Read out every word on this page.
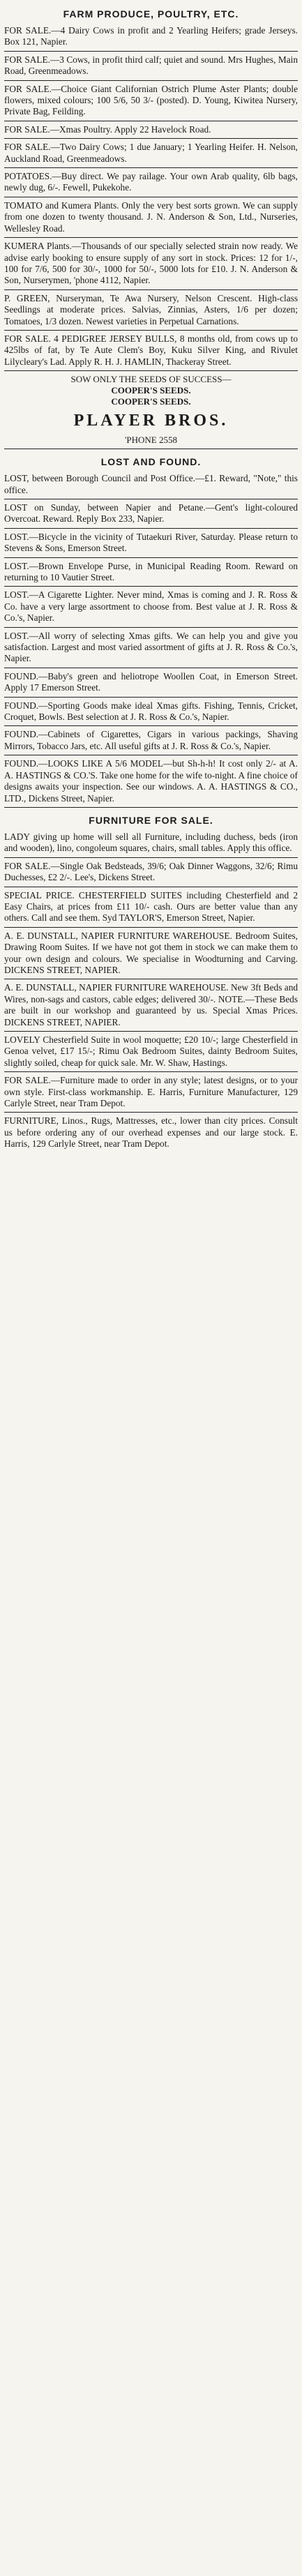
FARM PRODUCE, POULTRY, ETC.

FOR SALE.—4 Dairy Cows in profit and 2 Yearling Heifers; grade Jerseys. Box 121, Napier.

FOR SALE.—3 Cows, in profit third calf; quiet and sound. Mrs Hughes, Main Road, Greenmeadows.

FOR SALE.—Choice Giant Californian Ostrich Plume Aster Plants; double flowers, mixed colours; 100 5/6, 50 3/- (posted). D. Young, Kiwitea Nursery, Private Bag, Feilding.

FOR SALE.—Xmas Poultry. Apply 22 Havelock Road.

FOR SALE.—Two Dairy Cows; 1 due January; 1 Yearling Heifer. H. Nelson, Auckland Road, Greenmeadows.

POTATOES.—Buy direct. We pay railage. Your own Arab quality, 6lb bags, newly dug, 6/-. Fewell, Pukekohe.

TOMATO and Kumera Plants. Only the very best sorts grown. We can supply from one dozen to twenty thousand. J. N. Anderson & Son, Ltd., Nurseries, Wellesley Road.

KUMERA Plants.—Thousands of our specially selected strain now ready. We advise early booking to ensure supply of any sort in stock. Prices: 12 for 1/-, 100 for 7/6, 500 for 30/-, 1000 for 50/-, 5000 lots for £10. J. N. Anderson & Son, Nurserymen, 'phone 4112, Napier.

P. GREEN, Nurseryman, Te Awa Nursery, Nelson Crescent. High-class Seedlings at moderate prices. Salvias, Zinnias, Asters, 1/6 per dozen; Tomatoes, 1/3 dozen. Newest varieties in Perpetual Carnations.

FOR SALE. 4 PEDIGREE JERSEY BULLS, 8 months old, from cows up to 425lbs of fat, by Te Aute Clem's Boy, Kuku Silver King, and Rivulet Lilycleary's Lad. Apply R. H. J. HAMLIN, Thackeray Street.

SOW ONLY THE SEEDS OF SUCCESS—
COOPER'S SEEDS.
COOPER'S SEEDS.
PLAYER BROS.
'PHONE 2558
LOST AND FOUND.

LOST, between Borough Council and Post Office.—£1. Reward, "Note," this office.

LOST on Sunday, between Napier and Petane.—Gent's light-coloured Overcoat. Reward. Reply Box 233, Napier.

LOST.—Bicycle in the vicinity of Tutaekuri River, Saturday. Please return to Stevens & Sons, Emerson Street.

LOST.—Brown Envelope Purse, in Municipal Reading Room. Reward on returning to 10 Vautier Street.

LOST.—A Cigarette Lighter. Never mind, Xmas is coming and J. R. Ross & Co. have a very large assortment to choose from. Best value at J. R. Ross & Co.'s, Napier.

LOST.—All worry of selecting Xmas gifts. We can help you and give you satisfaction. Largest and most varied assortment of gifts at J. R. Ross & Co.'s, Napier.

FOUND.—Baby's green and heliotrope Woollen Coat, in Emerson Street. Apply 17 Emerson Street.

FOUND.—Sporting Goods make ideal Xmas gifts. Fishing, Tennis, Cricket, Croquet, Bowls. Best selection at J. R. Ross & Co.'s, Napier.

FOUND.—Cabinets of Cigarettes, Cigars in various packings, Shaving Mirrors, Tobacco Jars, etc. All useful gifts at J. R. Ross & Co.'s, Napier.

FOUND.—LOOKS LIKE A 5/6 MODEL—but Sh-h-h! It cost only 2/- at A. A. HASTINGS & CO.'S. Take one home for the wife to-night. A fine choice of designs awaits your inspection. See our windows. A. A. HASTINGS & CO., LTD., Dickens Street, Napier.

FURNITURE FOR SALE.

LADY giving up home will sell all Furniture, including duchess, beds (iron and wooden), lino, congoleum squares, chairs, small tables. Apply this office.

FOR SALE.—Single Oak Bedsteads, 39/6; Oak Dinner Waggons, 32/6; Rimu Duchesses, £2 2/-. Lee's, Dickens Street.

SPECIAL PRICE. CHESTERFIELD SUITES including Chesterfield and 2 Easy Chairs, at prices from £11 10/- cash. Ours are better value than any others. Call and see them. Syd TAYLOR'S, Emerson Street, Napier.

A. E. DUNSTALL, NAPIER FURNITURE WAREHOUSE. Bedroom Suites, Drawing Room Suites. If we have not got them in stock we can make them to your own design and colours. We specialise in Woodturning and Carving. DICKENS STREET, NAPIER.

A. E. DUNSTALL, NAPIER FURNITURE WAREHOUSE. New 3ft Beds and Wires, non-sags and castors, cable edges; delivered 30/-. NOTE.—These Beds are built in our workshop and guaranteed by us. Special Xmas Prices. DICKENS STREET, NAPIER.

LOVELY Chesterfield Suite in wool moquette; £20 10/-; large Chesterfield in Genoa velvet, £17 15/-; Rimu Oak Bedroom Suites, dainty Bedroom Suites, slightly soiled, cheap for quick sale. Mr. W. Shaw, Hastings.

FOR SALE.—Furniture made to order in any style; latest designs, or to your own style. First-class workmanship. E. Harris, Furniture Manufacturer, 129 Carlyle Street, near Tram Depot.

FURNITURE, Linos., Rugs, Mattresses, etc., lower than city prices. Consult us before ordering any of our overhead expenses and our large stock. E. Harris, 129 Carlyle Street, near Tram Depot.
